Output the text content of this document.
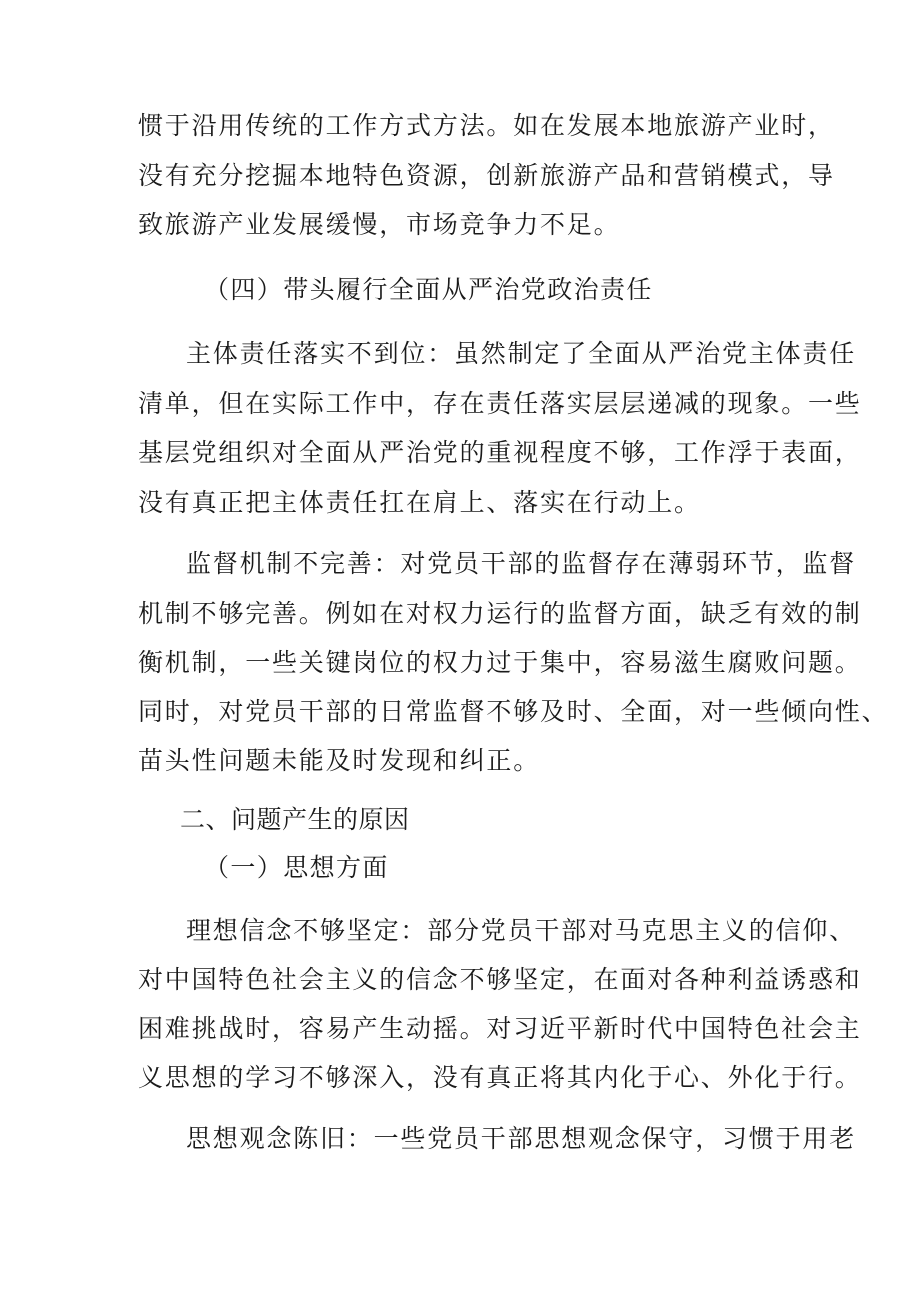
惯于沿用传统的工作方式方法。如在发展本地旅游产业时，
没有充分挖掘本地特色资源，创新旅游产品和营销模式，导
致旅游产业发展缓慢，市场竞争力不足。
（四）带头履行全面从严治党政治责任
主体责任落实不到位：虽然制定了全面从严治党主体责任
清单，但在实际工作中，存在责任落实层层递减的现象。一些
基层党组织对全面从严治党的重视程度不够，工作浮于表面，
没有真正把主体责任扛在肩上、落实在行动上。
监督机制不完善：对党员干部的监督存在薄弱环节，监督
机制不够完善。例如在对权力运行的监督方面，缺乏有效的制
衡机制，一些关键岗位的权力过于集中，容易滋生腐败问题。
同时，对党员干部的日常监督不够及时、全面，对一些倾向性、
苗头性问题未能及时发现和纠正。
二、问题产生的原因
（一）思想方面
理想信念不够坚定：部分党员干部对马克思主义的信仰、
对中国特色社会主义的信念不够坚定，在面对各种利益诱惑和
困难挑战时，容易产生动摇。对习近平新时代中国特色社会主
义思想的学习不够深入，没有真正将其内化于心、外化于行。
思想观念陈旧：一些党员干部思想观念保守，习惯于用老
